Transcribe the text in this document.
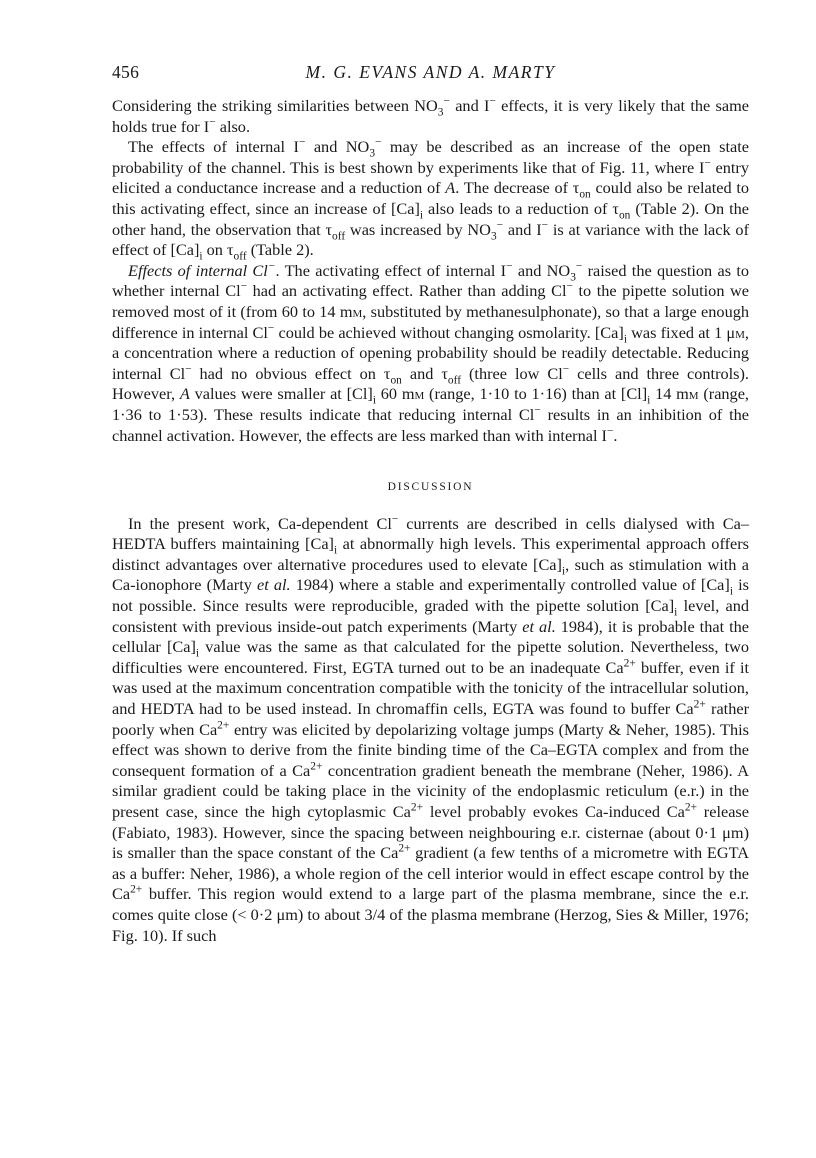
456	M. G. EVANS AND A. MARTY

Considering the striking similarities between $NO_3^-$ and I− effects, it is very likely that the same holds true for I− also.

The effects of internal I− and $NO_3^-$ may be described as an increase of the open state probability of the channel. This is best shown by experiments like that of Fig. 11, where I− entry elicited a conductance increase and a reduction of A. The decrease of $\tau_{on}$ could also be related to this activating effect, since an increase of $[Ca]_i$ also leads to a reduction of $\tau_{on}$ (Table 2). On the other hand, the observation that $\tau_{off}$ was increased by $NO_3^-$ and I− is at variance with the lack of effect of $[Ca]_i$ on $\tau_{off}$ (Table 2).

Effects of internal Cl−. The activating effect of internal I− and $NO_3^-$ raised the question as to whether internal Cl− had an activating effect. Rather than adding Cl− to the pipette solution we removed most of it (from 60 to 14 mm, substituted by methanesulphonate), so that a large enough difference in internal Cl− could be achieved without changing osmolarity. $[Ca]_i$ was fixed at 1 μm, a concentration where a reduction of opening probability should be readily detectable. Reducing internal Cl− had no obvious effect on $\tau_{on}$ and $\tau_{off}$ (three low Cl− cells and three controls). However, A values were smaller at $[Cl]_i$ 60 mm (range, 1·10 to 1·16) than at $[Cl]_i$ 14 mm (range, 1·36 to 1·53). These results indicate that reducing internal Cl− results in an inhibition of the channel activation. However, the effects are less marked than with internal I−.

DISCUSSION

In the present work, Ca-dependent Cl− currents are described in cells dialysed with Ca–HEDTA buffers maintaining $[Ca]_i$ at abnormally high levels. This experimental approach offers distinct advantages over alternative procedures used to elevate $[Ca]_i$, such as stimulation with a Ca-ionophore (Marty et al. 1984) where a stable and experimentally controlled value of $[Ca]_i$ is not possible. Since results were reproducible, graded with the pipette solution $[Ca]_i$ level, and consistent with previous inside-out patch experiments (Marty et al. 1984), it is probable that the cellular $[Ca]_i$ value was the same as that calculated for the pipette solution. Nevertheless, two difficulties were encountered. First, EGTA turned out to be an inadequate $Ca^{2+}$ buffer, even if it was used at the maximum concentration compatible with the tonicity of the intracellular solution, and HEDTA had to be used instead. In chromaffin cells, EGTA was found to buffer $Ca^{2+}$ rather poorly when $Ca^{2+}$ entry was elicited by depolarizing voltage jumps (Marty & Neher, 1985). This effect was shown to derive from the finite binding time of the Ca–EGTA complex and from the consequent formation of a $Ca^{2+}$ concentration gradient beneath the membrane (Neher, 1986). A similar gradient could be taking place in the vicinity of the endoplasmic reticulum (e.r.) in the present case, since the high cytoplasmic $Ca^{2+}$ level probably evokes Ca-induced $Ca^{2+}$ release (Fabiato, 1983). However, since the spacing between neighbouring e.r. cisternae (about 0·1 μm) is smaller than the space constant of the $Ca^{2+}$ gradient (a few tenths of a micrometre with EGTA as a buffer: Neher, 1986), a whole region of the cell interior would in effect escape control by the $Ca^{2+}$ buffer. This region would extend to a large part of the plasma membrane, since the e.r. comes quite close (< 0·2 μm) to about 3/4 of the plasma membrane (Herzog, Sies & Miller, 1976; Fig. 10). If such
